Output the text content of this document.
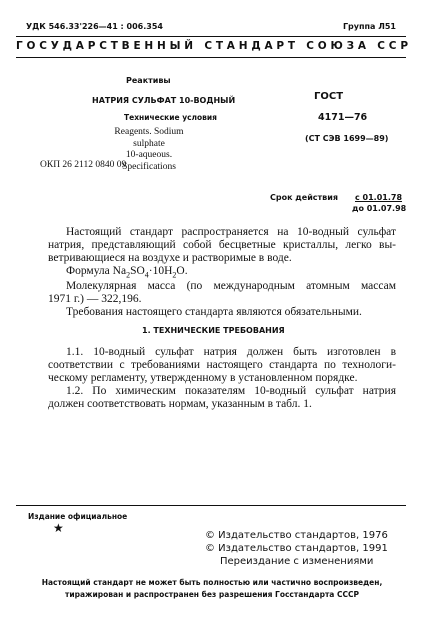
УДК 546.33'226—41 : 006.354	Группа Л51
ГОСУДАРСТВЕННЫЙ СТАНДАРТ СОЮЗА ССР
Реактивы
НАТРИЯ СУЛЬФАТ 10-ВОДНЫЙ
Технические условия
ГОСТ
4171—76
(СТ СЭВ 1699—89)
Reagents. Sodium sulphate
10-aqueous.
Specifications
ОКП 26 2112 0840 09
Срок действия с 01.01.78
до 01.07.98
Настоящий стандарт распространяется на 10-водный сульфат
натрия, представляющий собой бесцветные кристаллы, легко вы-
ветривающиеся на воздухе и растворимые в воде.
Формула $Na_2SO_4\cdot 10H_2O$.
Молекулярная масса (по международным атомным массам
1971 г.) — 322,196.
Требования настоящего стандарта являются обязательными.
1. ТЕХНИЧЕСКИЕ ТРЕБОВАНИЯ
1.1. 10-водный сульфат натрия должен быть изготовлен в
соответствии с требованиями настоящего стандарта по технологи-
ческому регламенту, утвержденному в установленном порядке.
1.2. По химическим показателям 10-водный сульфат натрия
должен соответствовать нормам, указанным в табл. 1.
Издание официальное
★
© Издательство стандартов, 1976
© Издательство стандартов, 1991
Переиздание с изменениями
Настоящий стандарт не может быть полностью или частично воспроизведен,
тиражирован и распространен без разрешения Госстандарта СССР
